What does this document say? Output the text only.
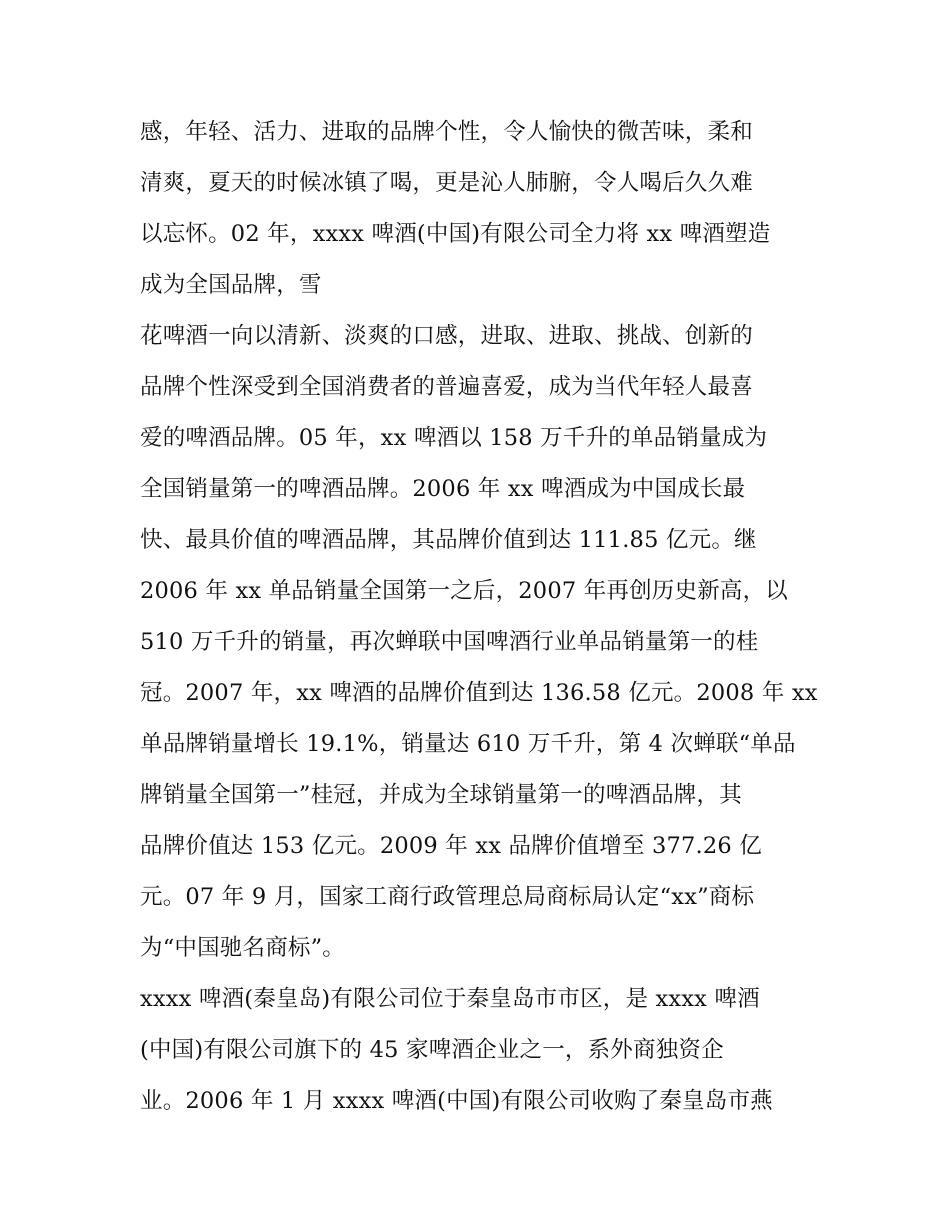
感，年轻、活力、进取的品牌个性，令人愉快的微苦味，柔和
清爽，夏天的时候冰镇了喝，更是沁人肺腑，令人喝后久久难
以忘怀。02 年，xxxx 啤酒(中国)有限公司全力将 xx 啤酒塑造
成为全国品牌，雪
花啤酒一向以清新、淡爽的口感，进取、进取、挑战、创新的
品牌个性深受到全国消费者的普遍喜爱，成为当代年轻人最喜
爱的啤酒品牌。05 年，xx 啤酒以 158 万千升的单品销量成为
全国销量第一的啤酒品牌。2006 年 xx 啤酒成为中国成长最
快、最具价值的啤酒品牌，其品牌价值到达 111.85 亿元。继
2006 年 xx 单品销量全国第一之后，2007 年再创历史新高，以
510 万千升的销量，再次蝉联中国啤酒行业单品销量第一的桂
冠。2007 年，xx 啤酒的品牌价值到达 136.58 亿元。2008 年 xx
单品牌销量增长 19.1%，销量达 610 万千升，第 4 次蝉联“单品
牌销量全国第一”桂冠，并成为全球销量第一的啤酒品牌，其
品牌价值达 153 亿元。2009 年 xx 品牌价值增至 377.26 亿
元。07 年 9 月，国家工商行政管理总局商标局认定“xx”商标
为“中国驰名商标”。
xxxx 啤酒(秦皇岛)有限公司位于秦皇岛市市区，是 xxxx 啤酒
(中国)有限公司旗下的 45 家啤酒企业之一，系外商独资企
业。2006 年 1 月 xxxx 啤酒(中国)有限公司收购了秦皇岛市燕
